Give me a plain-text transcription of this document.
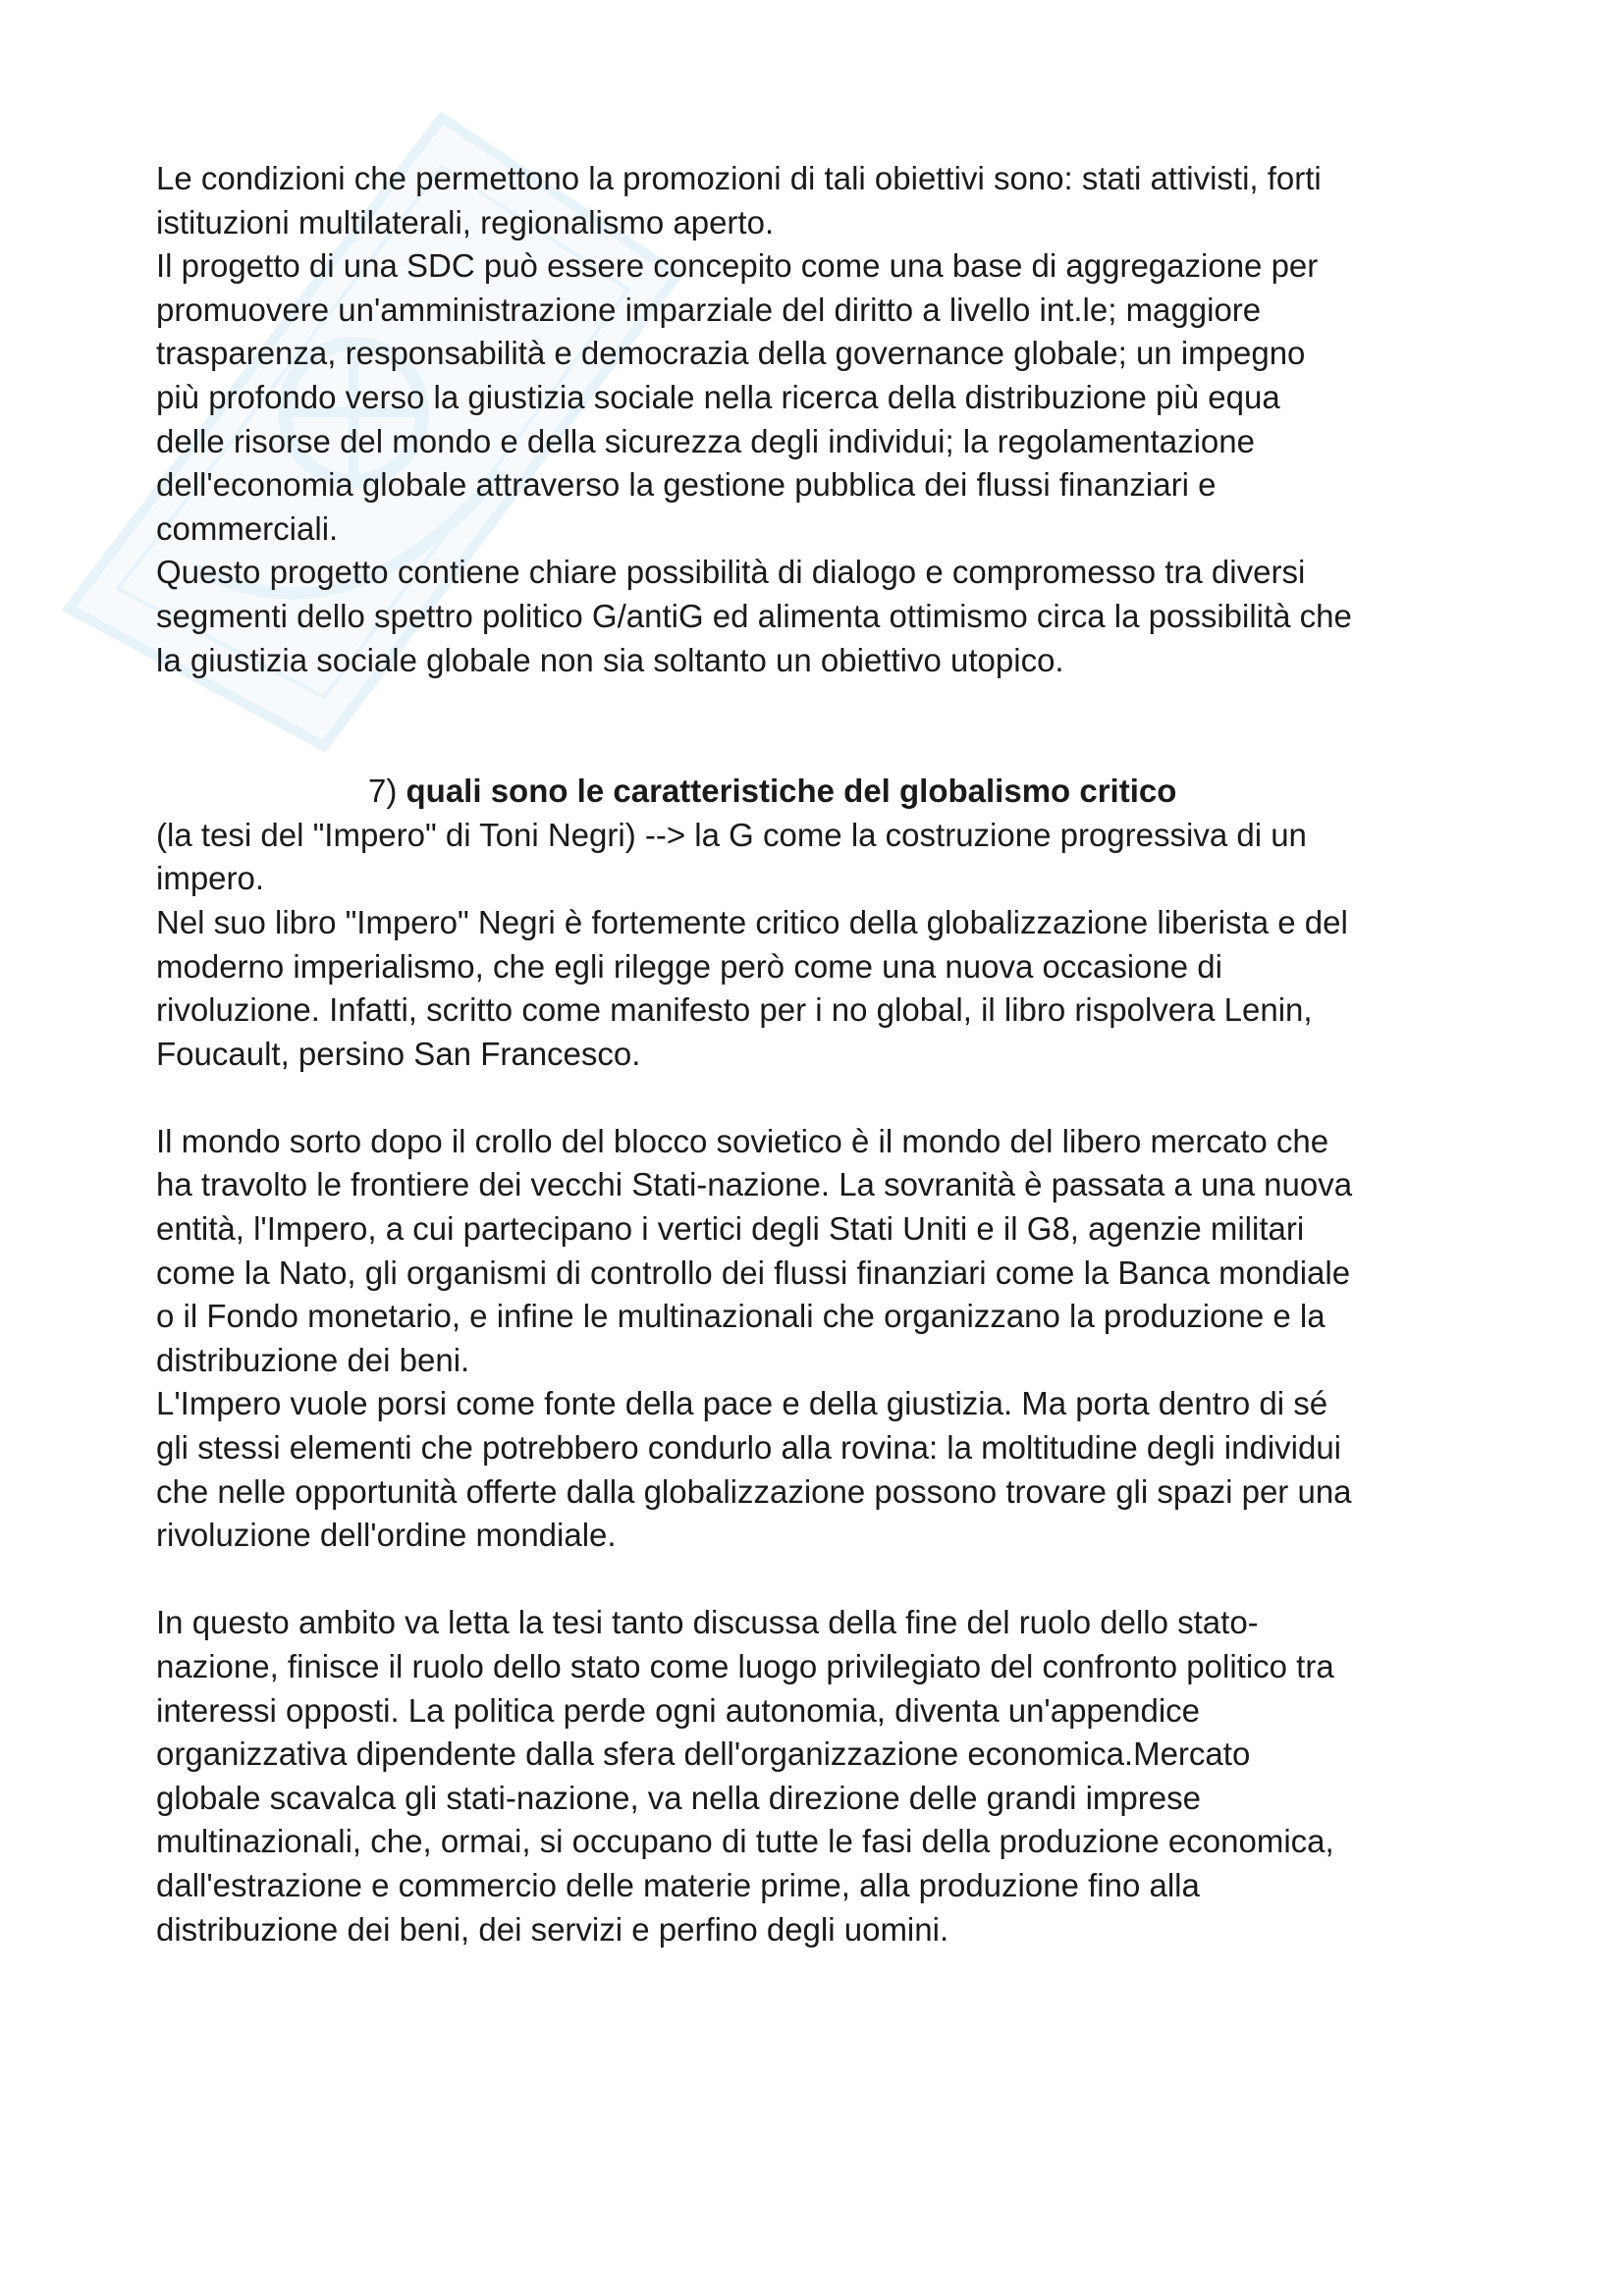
Le condizioni che permettono la promozioni di tali obiettivi sono: stati attivisti, forti
istituzioni multilaterali, regionalismo aperto.
Il progetto di una SDC può essere concepito come una base di aggregazione per
promuovere un'amministrazione imparziale del diritto a livello int.le; maggiore
trasparenza, responsabilità e democrazia della governance globale; un impegno
più profondo verso la giustizia sociale nella ricerca della distribuzione più equa
delle risorse del mondo e della sicurezza degli individui; la regolamentazione
dell'economia globale attraverso la gestione pubblica dei flussi finanziari e
commerciali.
Questo progetto contiene chiare possibilità di dialogo e compromesso tra diversi
segmenti dello spettro politico G/antiG ed alimenta ottimismo circa la possibilità che
la giustizia sociale globale non sia soltanto un obiettivo utopico.

7) quali sono le caratteristiche del globalismo critico

(la tesi del "Impero" di Toni Negri) --> la G come la costruzione progressiva di un
impero.
Nel suo libro "Impero" Negri è fortemente critico della globalizzazione liberista e del
moderno imperialismo, che egli rilegge però come una nuova occasione di
rivoluzione. Infatti, scritto come manifesto per i no global, il libro rispolvera Lenin,
Foucault, persino San Francesco.

Il mondo sorto dopo il crollo del blocco sovietico è il mondo del libero mercato che
ha travolto le frontiere dei vecchi Stati-nazione. La sovranità è passata a una nuova
entità, l'Impero, a cui partecipano i vertici degli Stati Uniti e il G8, agenzie militari
come la Nato, gli organismi di controllo dei flussi finanziari come la Banca mondiale
o il Fondo monetario, e infine le multinazionali che organizzano la produzione e la
distribuzione dei beni.
L'Impero vuole porsi come fonte della pace e della giustizia. Ma porta dentro di sé
gli stessi elementi che potrebbero condurlo alla rovina: la moltitudine degli individui
che nelle opportunità offerte dalla globalizzazione possono trovare gli spazi per una
rivoluzione dell'ordine mondiale.

In questo ambito va letta la tesi tanto discussa della fine del ruolo dello stato-
nazione, finisce il ruolo dello stato come luogo privilegiato del confronto politico tra
interessi opposti. La politica perde ogni autonomia, diventa un'appendice
organizzativa dipendente dalla sfera dell'organizzazione economica.Mercato
globale scavalca gli stati-nazione, va nella direzione delle grandi imprese
multinazionali, che, ormai, si occupano di tutte le fasi della produzione economica,
dall'estrazione e commercio delle materie prime, alla produzione fino alla
distribuzione dei beni, dei servizi e perfino degli uomini.
